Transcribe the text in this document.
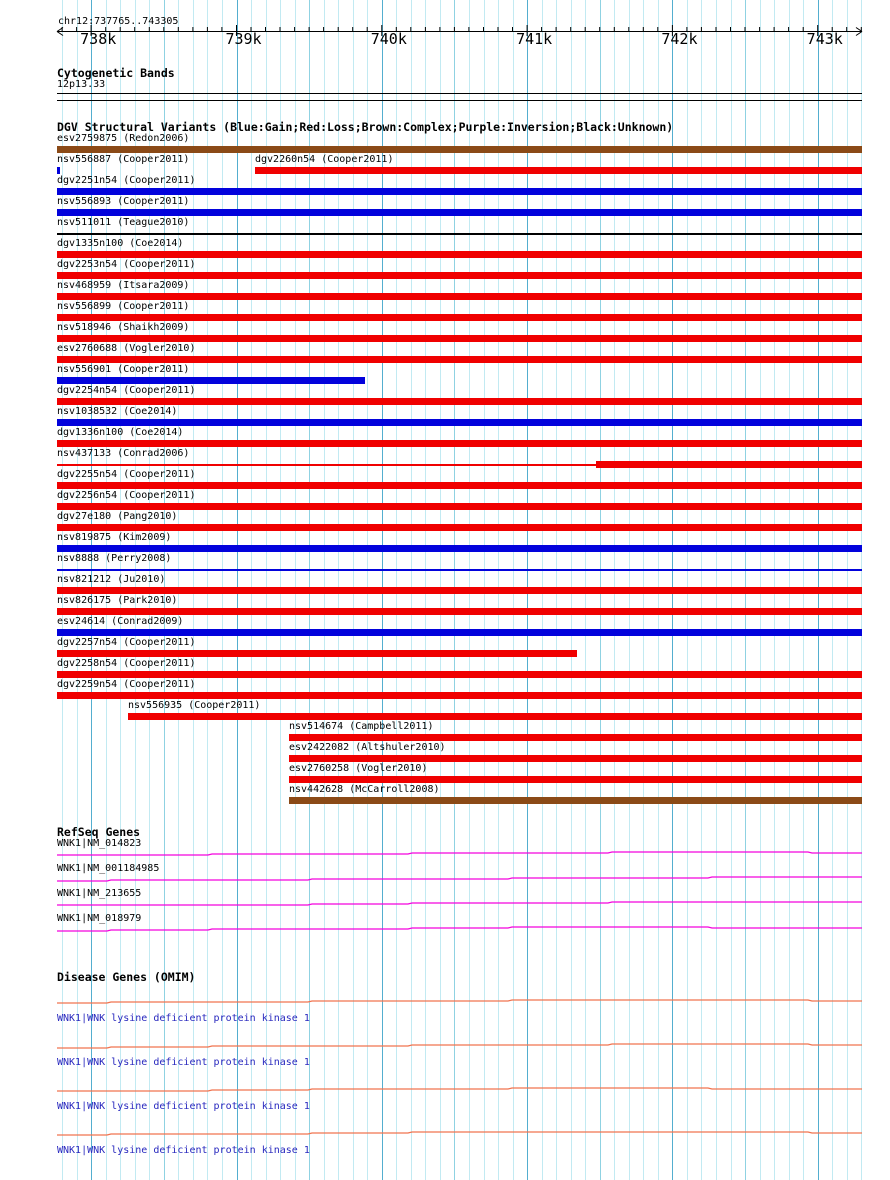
chr12:737765..743305
738k	739k	740k	741k	742k	743k
Cytogenetic Bands
12p13.33
DGV Structural Variants (Blue:Gain;Red:Loss;Brown:Complex;Purple:Inversion;Black:Unknown)
esv2759875 (Redon2006)
nsv556887 (Cooper2011)	dgv2260n54 (Cooper2011)
dgv2251n54 (Cooper2011)
nsv556893 (Cooper2011)
nsv511011 (Teague2010)
dgv1335n100 (Coe2014)
dgv2253n54 (Cooper2011)
nsv468959 (Itsara2009)
nsv556899 (Cooper2011)
nsv518946 (Shaikh2009)
esv2760688 (Vogler2010)
nsv556901 (Cooper2011)
dgv2254n54 (Cooper2011)
nsv1038532 (Coe2014)
dgv1336n100 (Coe2014)
nsv437133 (Conrad2006)
dgv2255n54 (Cooper2011)
dgv2256n54 (Cooper2011)
dgv27e180 (Pang2010)
nsv819875 (Kim2009)
nsv8888 (Perry2008)
nsv821212 (Ju2010)
nsv826175 (Park2010)
esv24614 (Conrad2009)
dgv2257n54 (Cooper2011)
dgv2258n54 (Cooper2011)
dgv2259n54 (Cooper2011)
nsv556935 (Cooper2011)
nsv514674 (Campbell2011)
esv2422082 (Altshuler2010)
esv2760258 (Vogler2010)
nsv442628 (McCarroll2008)
RefSeq Genes
WNK1|NM_014823
WNK1|NM_001184985
WNK1|NM_213655
WNK1|NM_018979
Disease Genes (OMIM)
WNK1|WNK lysine deficient protein kinase 1
WNK1|WNK lysine deficient protein kinase 1
WNK1|WNK lysine deficient protein kinase 1
WNK1|WNK lysine deficient protein kinase 1
